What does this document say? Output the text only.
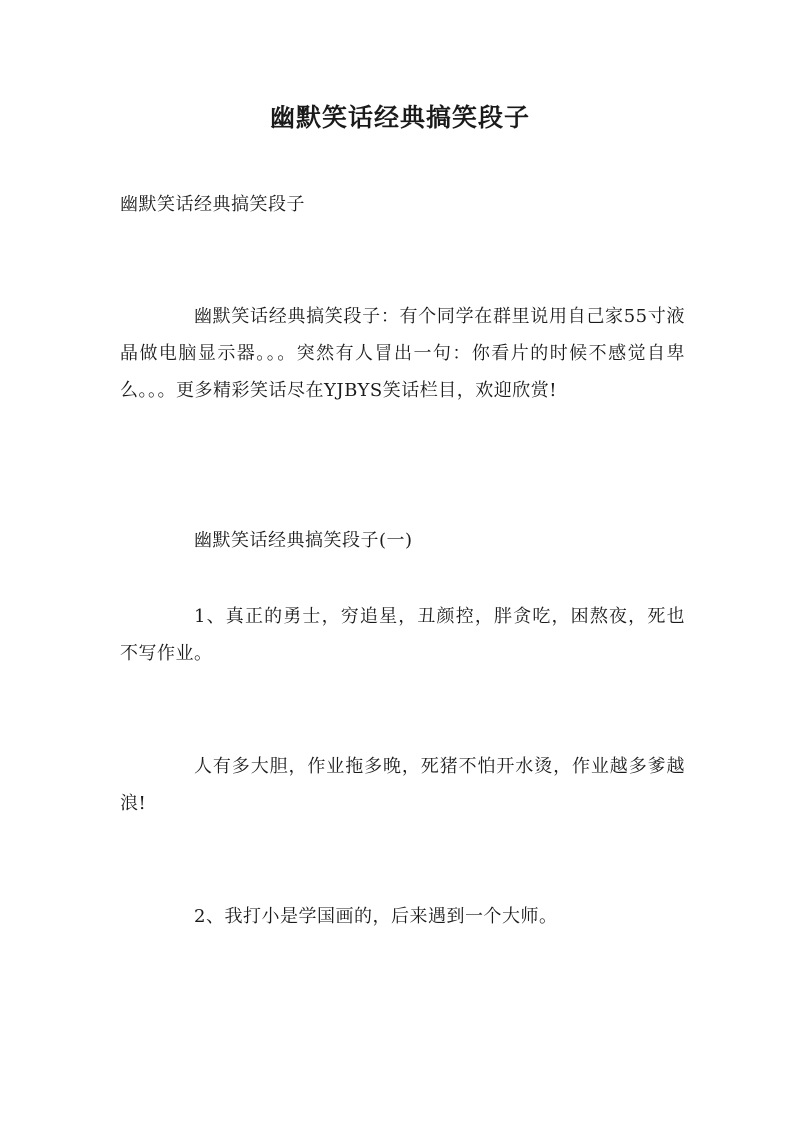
幽默笑话经典搞笑段子

幽默笑话经典搞笑段子

幽默笑话经典搞笑段子：有个同学在群里说用自己家55寸液晶做电脑显示器。。。突然有人冒出一句：你看片的时候不感觉自卑么。。。更多精彩笑话尽在YJBYS笑话栏目，欢迎欣赏!

幽默笑话经典搞笑段子(一)

1、真正的勇士，穷追星，丑颜控，胖贪吃，困熬夜，死也不写作业。

人有多大胆，作业拖多晚，死猪不怕开水烫，作业越多爹越浪!

2、我打小是学国画的，后来遇到一个大师。
